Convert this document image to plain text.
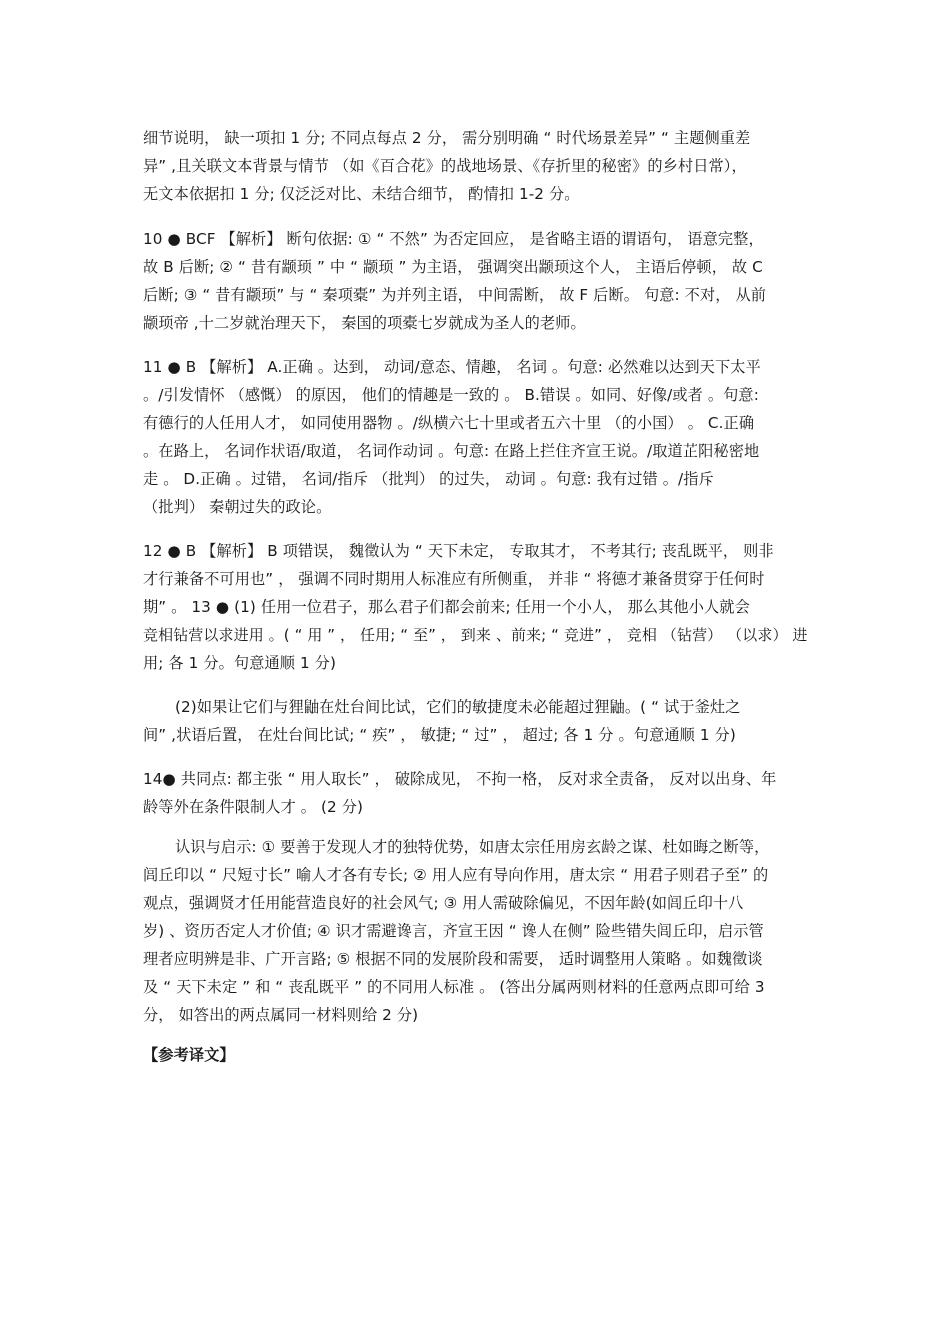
细节说明， 缺一项扣 1 分; 不同点每点 2 分， 需分别明确 “ 时代场景差异” “ 主题侧重差
异” ,且关联文本背景与情节 （如《百合花》的战地场景、《存折里的秘密》的乡村日常），
无文本依据扣 1 分; 仅泛泛对比、未结合细节， 酌情扣 1-2 分。
10 ● BCF 【解析】 断句依据: ① “ 不然” 为否定回应， 是省略主语的谓语句， 语意完整，
故 B 后断; ② “ 昔有颛顼 ” 中 “ 颛顼 ” 为主语， 强调突出颛顼这个人， 主语后停顿， 故 C
后断; ③ “ 昔有颛顼” 与 “ 秦项橐” 为并列主语， 中间需断， 故 F 后断。 句意: 不对， 从前
颛顼帝 ,十二岁就治理天下， 秦国的项橐七岁就成为圣人的老师。
11 ● B 【解析】 A.正确 。达到， 动词/意态、情趣， 名词 。句意: 必然难以达到天下太平
。/引发情怀 （感慨） 的原因， 他们的情趣是一致的 。 B.错误 。如同、好像/或者 。句意:
有德行的人任用人才， 如同使用器物 。/纵横六七十里或者五六十里 （的小国） 。 C.正确
。在路上， 名词作状语/取道， 名词作动词 。句意: 在路上拦住齐宣王说。/取道芷阳秘密地
走 。 D.正确 。过错， 名词/指斥 （批判） 的过失， 动词 。句意: 我有过错 。/指斥
（批判） 秦朝过失的政论。
12 ● B 【解析】 B 项错误， 魏徵认为 “ 天下未定， 专取其才， 不考其行; 丧乱既平， 则非
才行兼备不可用也” ， 强调不同时期用人标准应有所侧重， 并非 “ 将德才兼备贯穿于任何时
期” 。 13 ● (1) 任用一位君子，那么君子们都会前来; 任用一个小人， 那么其他小人就会
竞相钻营以求进用 。( “ 用 ” ， 任用; “ 至” ， 到来 、前来; “ 竞进” ， 竞相 （钻营） （以求） 进
用; 各 1 分。句意通顺 1 分)
(2)如果让它们与狸鼬在灶台间比试，它们的敏捷度未必能超过狸鼬。( “ 试于釜灶之
间” ,状语后置， 在灶台间比试; “ 疾” ， 敏捷; “ 过” ， 超过; 各 1 分 。句意通顺 1 分)
14● 共同点: 都主张 “ 用人取长” ， 破除成见， 不拘一格， 反对求全责备， 反对以出身、年
龄等外在条件限制人才 。 (2 分)
认识与启示: ① 要善于发现人才的独特优势，如唐太宗任用房玄龄之谋、杜如晦之断等，
闾丘印以 “ 尺短寸长” 喻人才各有专长; ② 用人应有导向作用，唐太宗 “ 用君子则君子至” 的
观点，强调贤才任用能营造良好的社会风气; ③ 用人需破除偏见，不因年龄(如闾丘印十八
岁) 、资历否定人才价值; ④ 识才需避谗言，齐宣王因 “ 谗人在侧” 险些错失闾丘印，启示管
理者应明辨是非、广开言路; ⑤ 根据不同的发展阶段和需要， 适时调整用人策略 。如魏徵谈
及 “ 天下未定 ” 和 “ 丧乱既平 ” 的不同用人标准 。 (答出分属两则材料的任意两点即可给 3
分， 如答出的两点属同一材料则给 2 分)
【参考译文】
